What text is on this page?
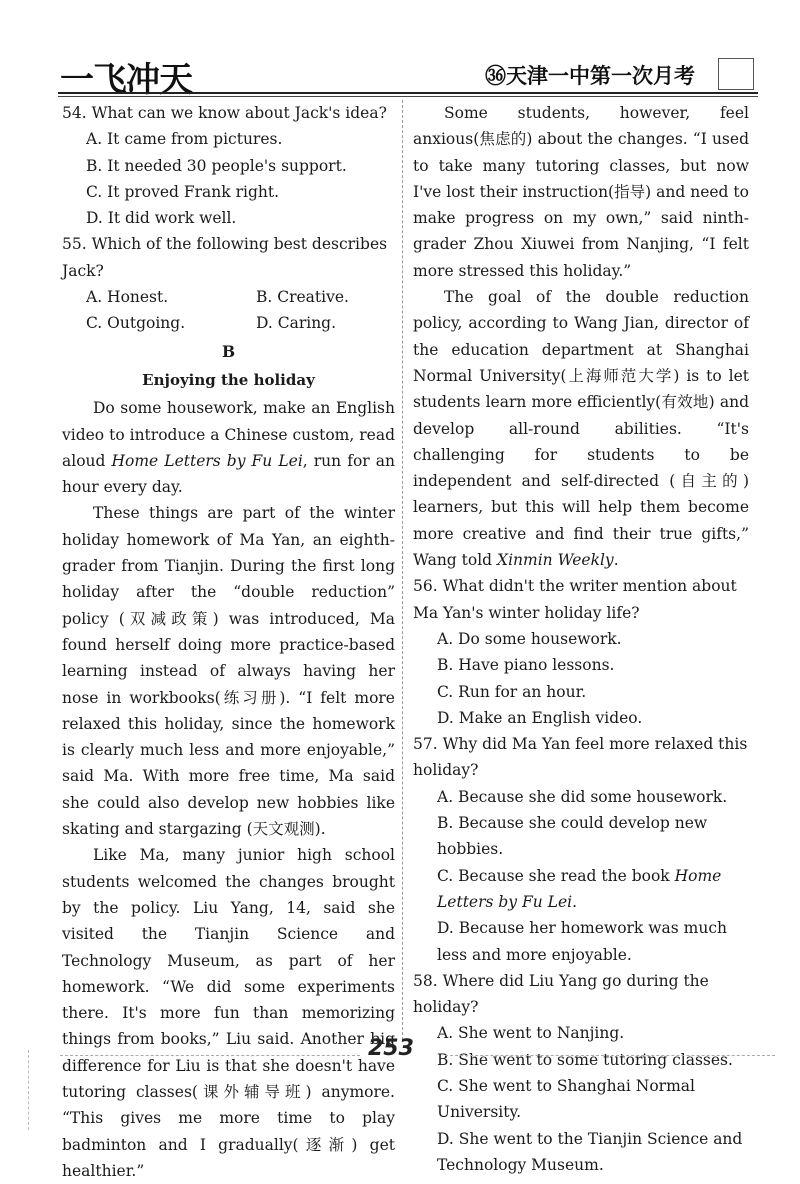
一飞冲天	㊱天津一中第一次月考

54. What can we know about Jack's idea?

A. It came from pictures.

B. It needed 30 people's support.

C. It proved Frank right.

D. It did work well.

55. Which of the following best describes Jack?

A. Honest.	B. Creative.
C. Outgoing.	D. Caring.

B

Enjoying the holiday

Do some housework, make an English video to introduce a Chinese custom, read aloud Home Letters by Fu Lei, run for an hour every day.

These things are part of the winter holiday homework of Ma Yan, an eighth-grader from Tianjin. During the first long holiday after the “double reduction” policy (双减政策) was introduced, Ma found herself doing more practice-based learning instead of always having her nose in workbooks(练习册). “I felt more relaxed this holiday, since the homework is clearly much less and more enjoyable,” said Ma. With more free time, Ma said she could also develop new hobbies like skating and stargazing (天文观测).

Like Ma, many junior high school students welcomed the changes brought by the policy. Liu Yang, 14, said she visited the Tianjin Science and Technology Museum, as part of her homework. “We did some experiments there. It's more fun than memorizing things from books,” Liu said. Another big difference for Liu is that she doesn't have tutoring classes(课外辅导班) anymore. “This gives me more time to play badminton and I gradually(逐渐) get healthier.”

Some students, however, feel anxious(焦虑的) about the changes. “I used to take many tutoring classes, but now I've lost their instruction(指导) and need to make progress on my own,” said ninth-grader Zhou Xiuwei from Nanjing, “I felt more stressed this holiday.”

The goal of the double reduction policy, according to Wang Jian, director of the education department at Shanghai Normal University(上海师范大学) is to let students learn more efficiently(有效地) and develop all-round abilities. “It's challenging for students to be independent and self-directed (自主的) learners, but this will help them become more creative and find their true gifts,” Wang told Xinmin Weekly.

56. What didn't the writer mention about Ma Yan's winter holiday life?

A. Do some housework.

B. Have piano lessons.

C. Run for an hour.

D. Make an English video.

57. Why did Ma Yan feel more relaxed this holiday?

A. Because she did some housework.

B. Because she could develop new hobbies.

C. Because she read the book Home Letters by Fu Lei.

D. Because her homework was much less and more enjoyable.

58. Where did Liu Yang go during the holiday?

A. She went to Nanjing.

B. She went to some tutoring classes.

C. She went to Shanghai Normal University.

D. She went to the Tianjin Science and Technology Museum.

253
